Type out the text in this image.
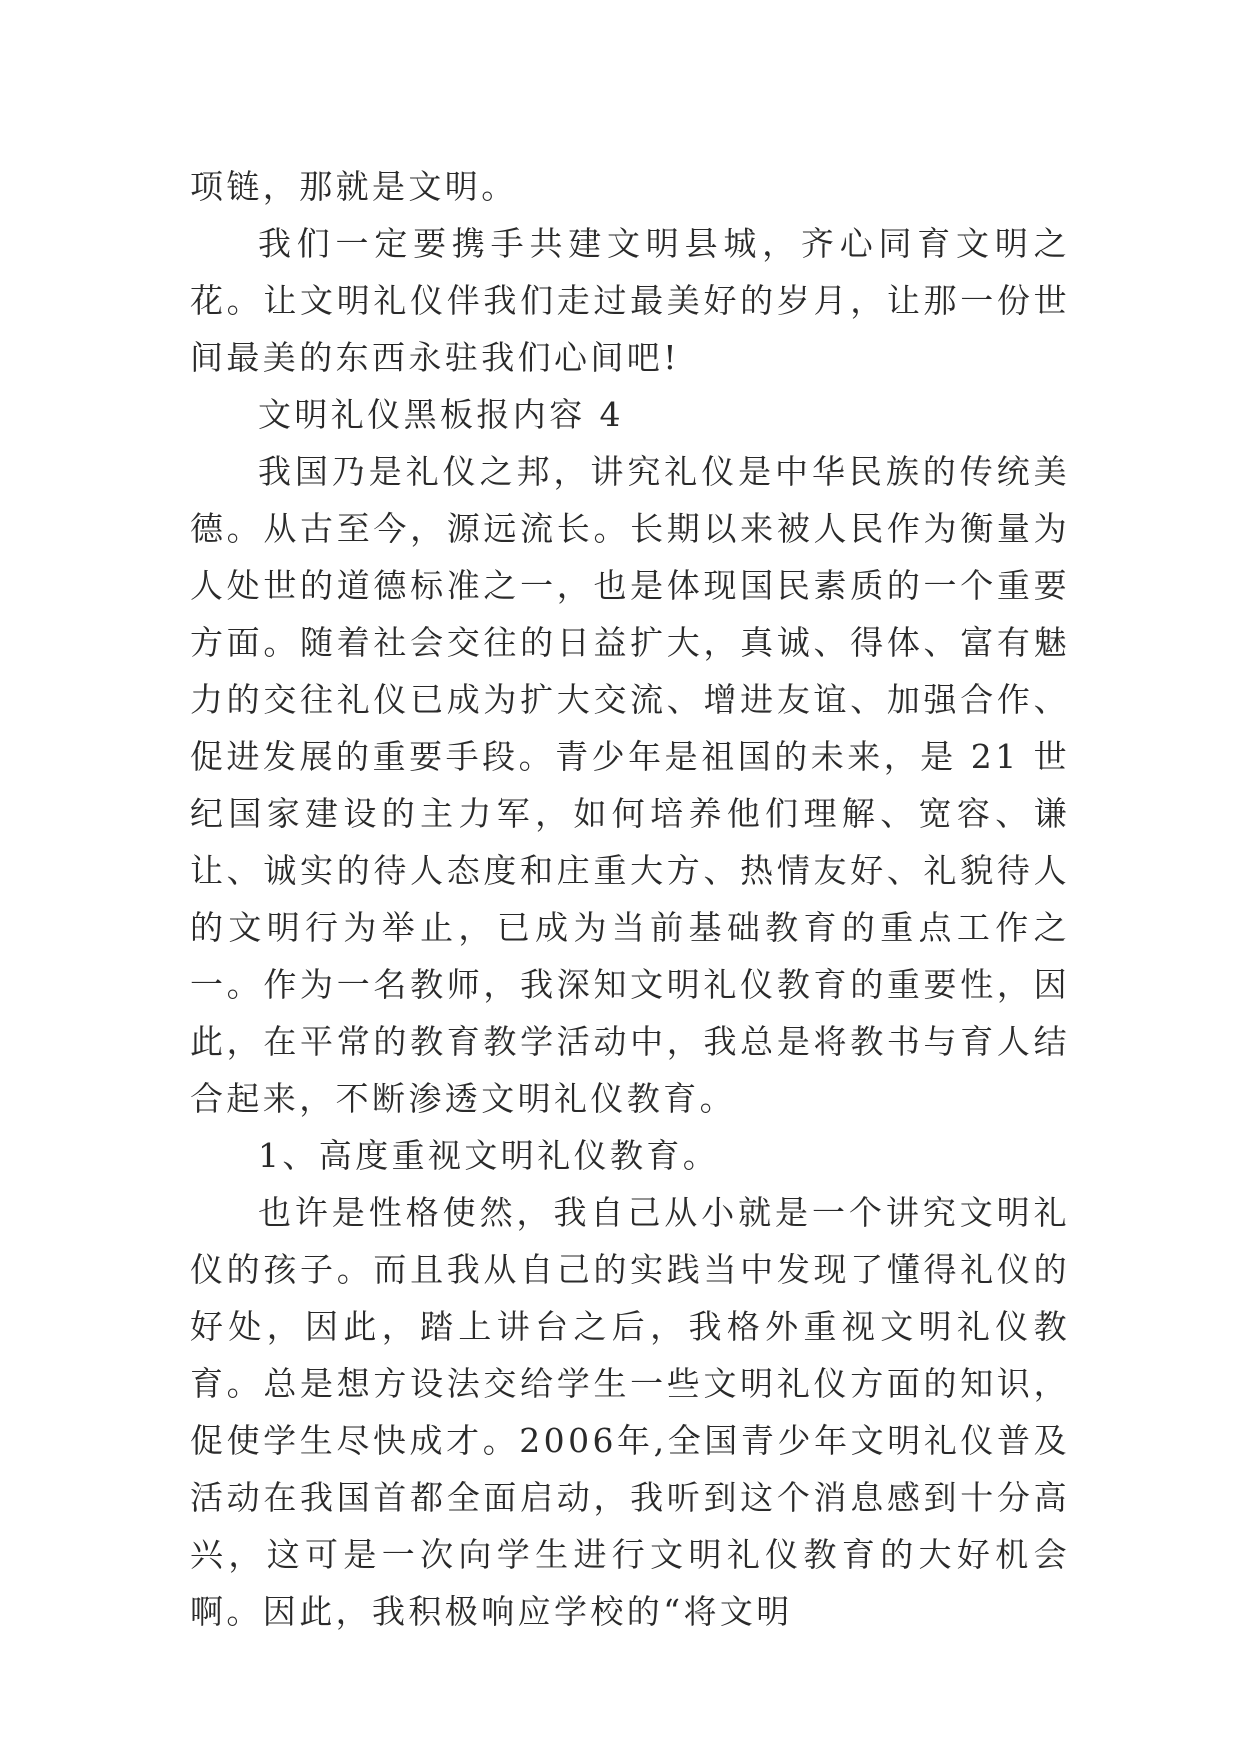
项链，那就是文明。

我们一定要携手共建文明县城，齐心同育文明之花。让文明礼仪伴我们走过最美好的岁月，让那一份世间最美的东西永驻我们心间吧!

文明礼仪黑板报内容 4

我国乃是礼仪之邦，讲究礼仪是中华民族的传统美德。从古至今，源远流长。长期以来被人民作为衡量为人处世的道德标准之一，也是体现国民素质的一个重要方面。随着社会交往的日益扩大，真诚、得体、富有魅力的交往礼仪已成为扩大交流、增进友谊、加强合作、促进发展的重要手段。青少年是祖国的未来，是 21 世纪国家建设的主力军，如何培养他们理解、宽容、谦让、诚实的待人态度和庄重大方、热情友好、礼貌待人的文明行为举止，已成为当前基础教育的重点工作之一。作为一名教师，我深知文明礼仪教育的重要性，因此，在平常的教育教学活动中，我总是将教书与育人结合起来，不断渗透文明礼仪教育。

1、高度重视文明礼仪教育。

也许是性格使然，我自己从小就是一个讲究文明礼仪的孩子。而且我从自己的实践当中发现了懂得礼仪的好处，因此，踏上讲台之后，我格外重视文明礼仪教育。总是想方设法交给学生一些文明礼仪方面的知识，促使学生尽快成才。2006年,全国青少年文明礼仪普及活动在我国首都全面启动，我听到这个消息感到十分高兴，这可是一次向学生进行文明礼仪教育的大好机会啊。因此，我积极响应学校的“将文明
